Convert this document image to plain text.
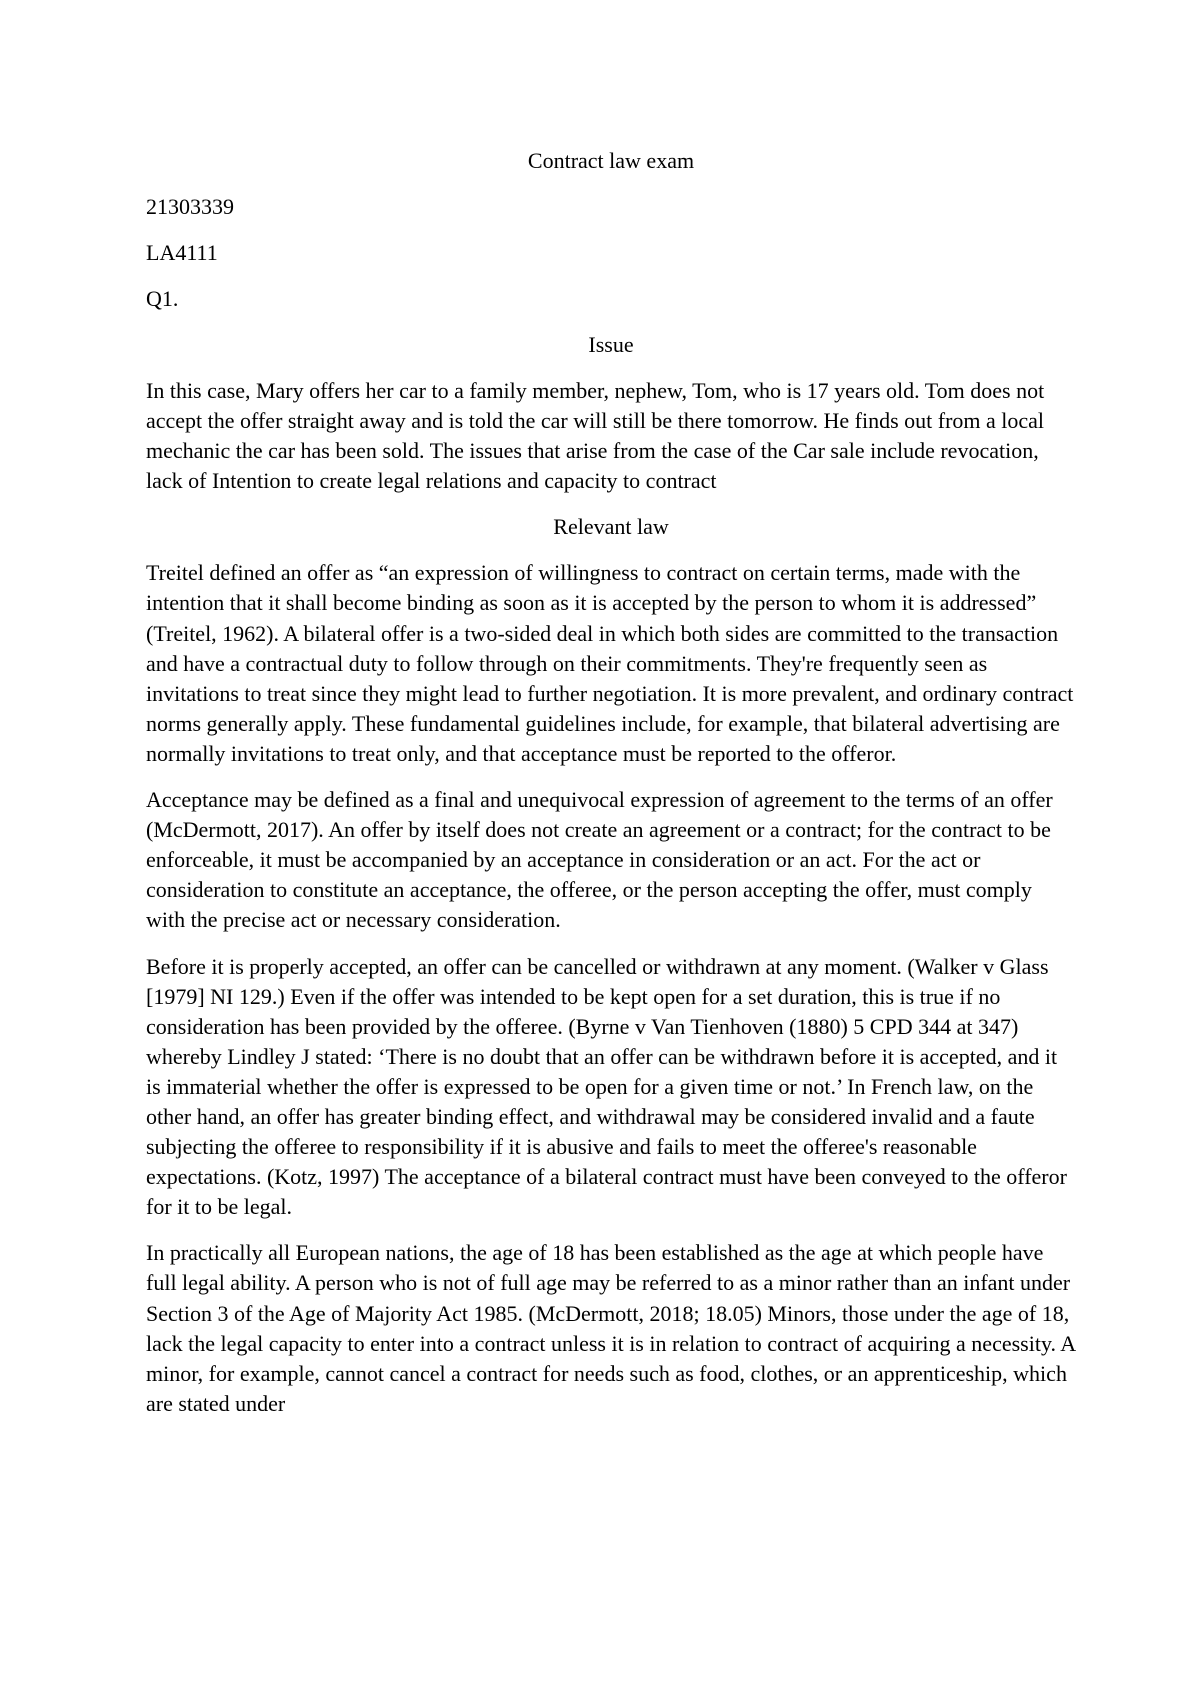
Contract law exam
21303339
LA4111
Q1.
Issue

In this case, Mary offers her car to a family member, nephew, Tom, who is 17 years old. Tom does not accept the offer straight away and is told the car will still be there tomorrow. He finds out from a local mechanic the car has been sold. The issues that arise from the case of the Car sale include revocation, lack of Intention to create legal relations and capacity to contract

Relevant law

Treitel defined an offer as “an expression of willingness to contract on certain terms, made with the intention that it shall become binding as soon as it is accepted by the person to whom it is addressed” (Treitel, 1962). A bilateral offer is a two-sided deal in which both sides are committed to the transaction and have a contractual duty to follow through on their commitments. They're frequently seen as invitations to treat since they might lead to further negotiation. It is more prevalent, and ordinary contract norms generally apply. These fundamental guidelines include, for example, that bilateral advertising are normally invitations to treat only, and that acceptance must be reported to the offeror.

Acceptance may be defined as a final and unequivocal expression of agreement to the terms of an offer (McDermott, 2017). An offer by itself does not create an agreement or a contract; for the contract to be enforceable, it must be accompanied by an acceptance in consideration or an act. For the act or consideration to constitute an acceptance, the offeree, or the person accepting the offer, must comply with the precise act or necessary consideration.

Before it is properly accepted, an offer can be cancelled or withdrawn at any moment. (Walker v Glass [1979] NI 129.) Even if the offer was intended to be kept open for a set duration, this is true if no consideration has been provided by the offeree. (Byrne v Van Tienhoven (1880) 5 CPD 344 at 347) whereby Lindley J stated: ‘There is no doubt that an offer can be withdrawn before it is accepted, and it is immaterial whether the offer is expressed to be open for a given time or not.’ In French law, on the other hand, an offer has greater binding effect, and withdrawal may be considered invalid and a faute subjecting the offeree to responsibility if it is abusive and fails to meet the offeree's reasonable expectations. (Kotz, 1997) The acceptance of a bilateral contract must have been conveyed to the offeror for it to be legal.

In practically all European nations, the age of 18 has been established as the age at which people have full legal ability. A person who is not of full age may be referred to as a minor rather than an infant under Section 3 of the Age of Majority Act 1985. (McDermott, 2018; 18.05) Minors, those under the age of 18, lack the legal capacity to enter into a contract unless it is in relation to contract of acquiring a necessity. A minor, for example, cannot cancel a contract for needs such as food, clothes, or an apprenticeship, which are stated under
